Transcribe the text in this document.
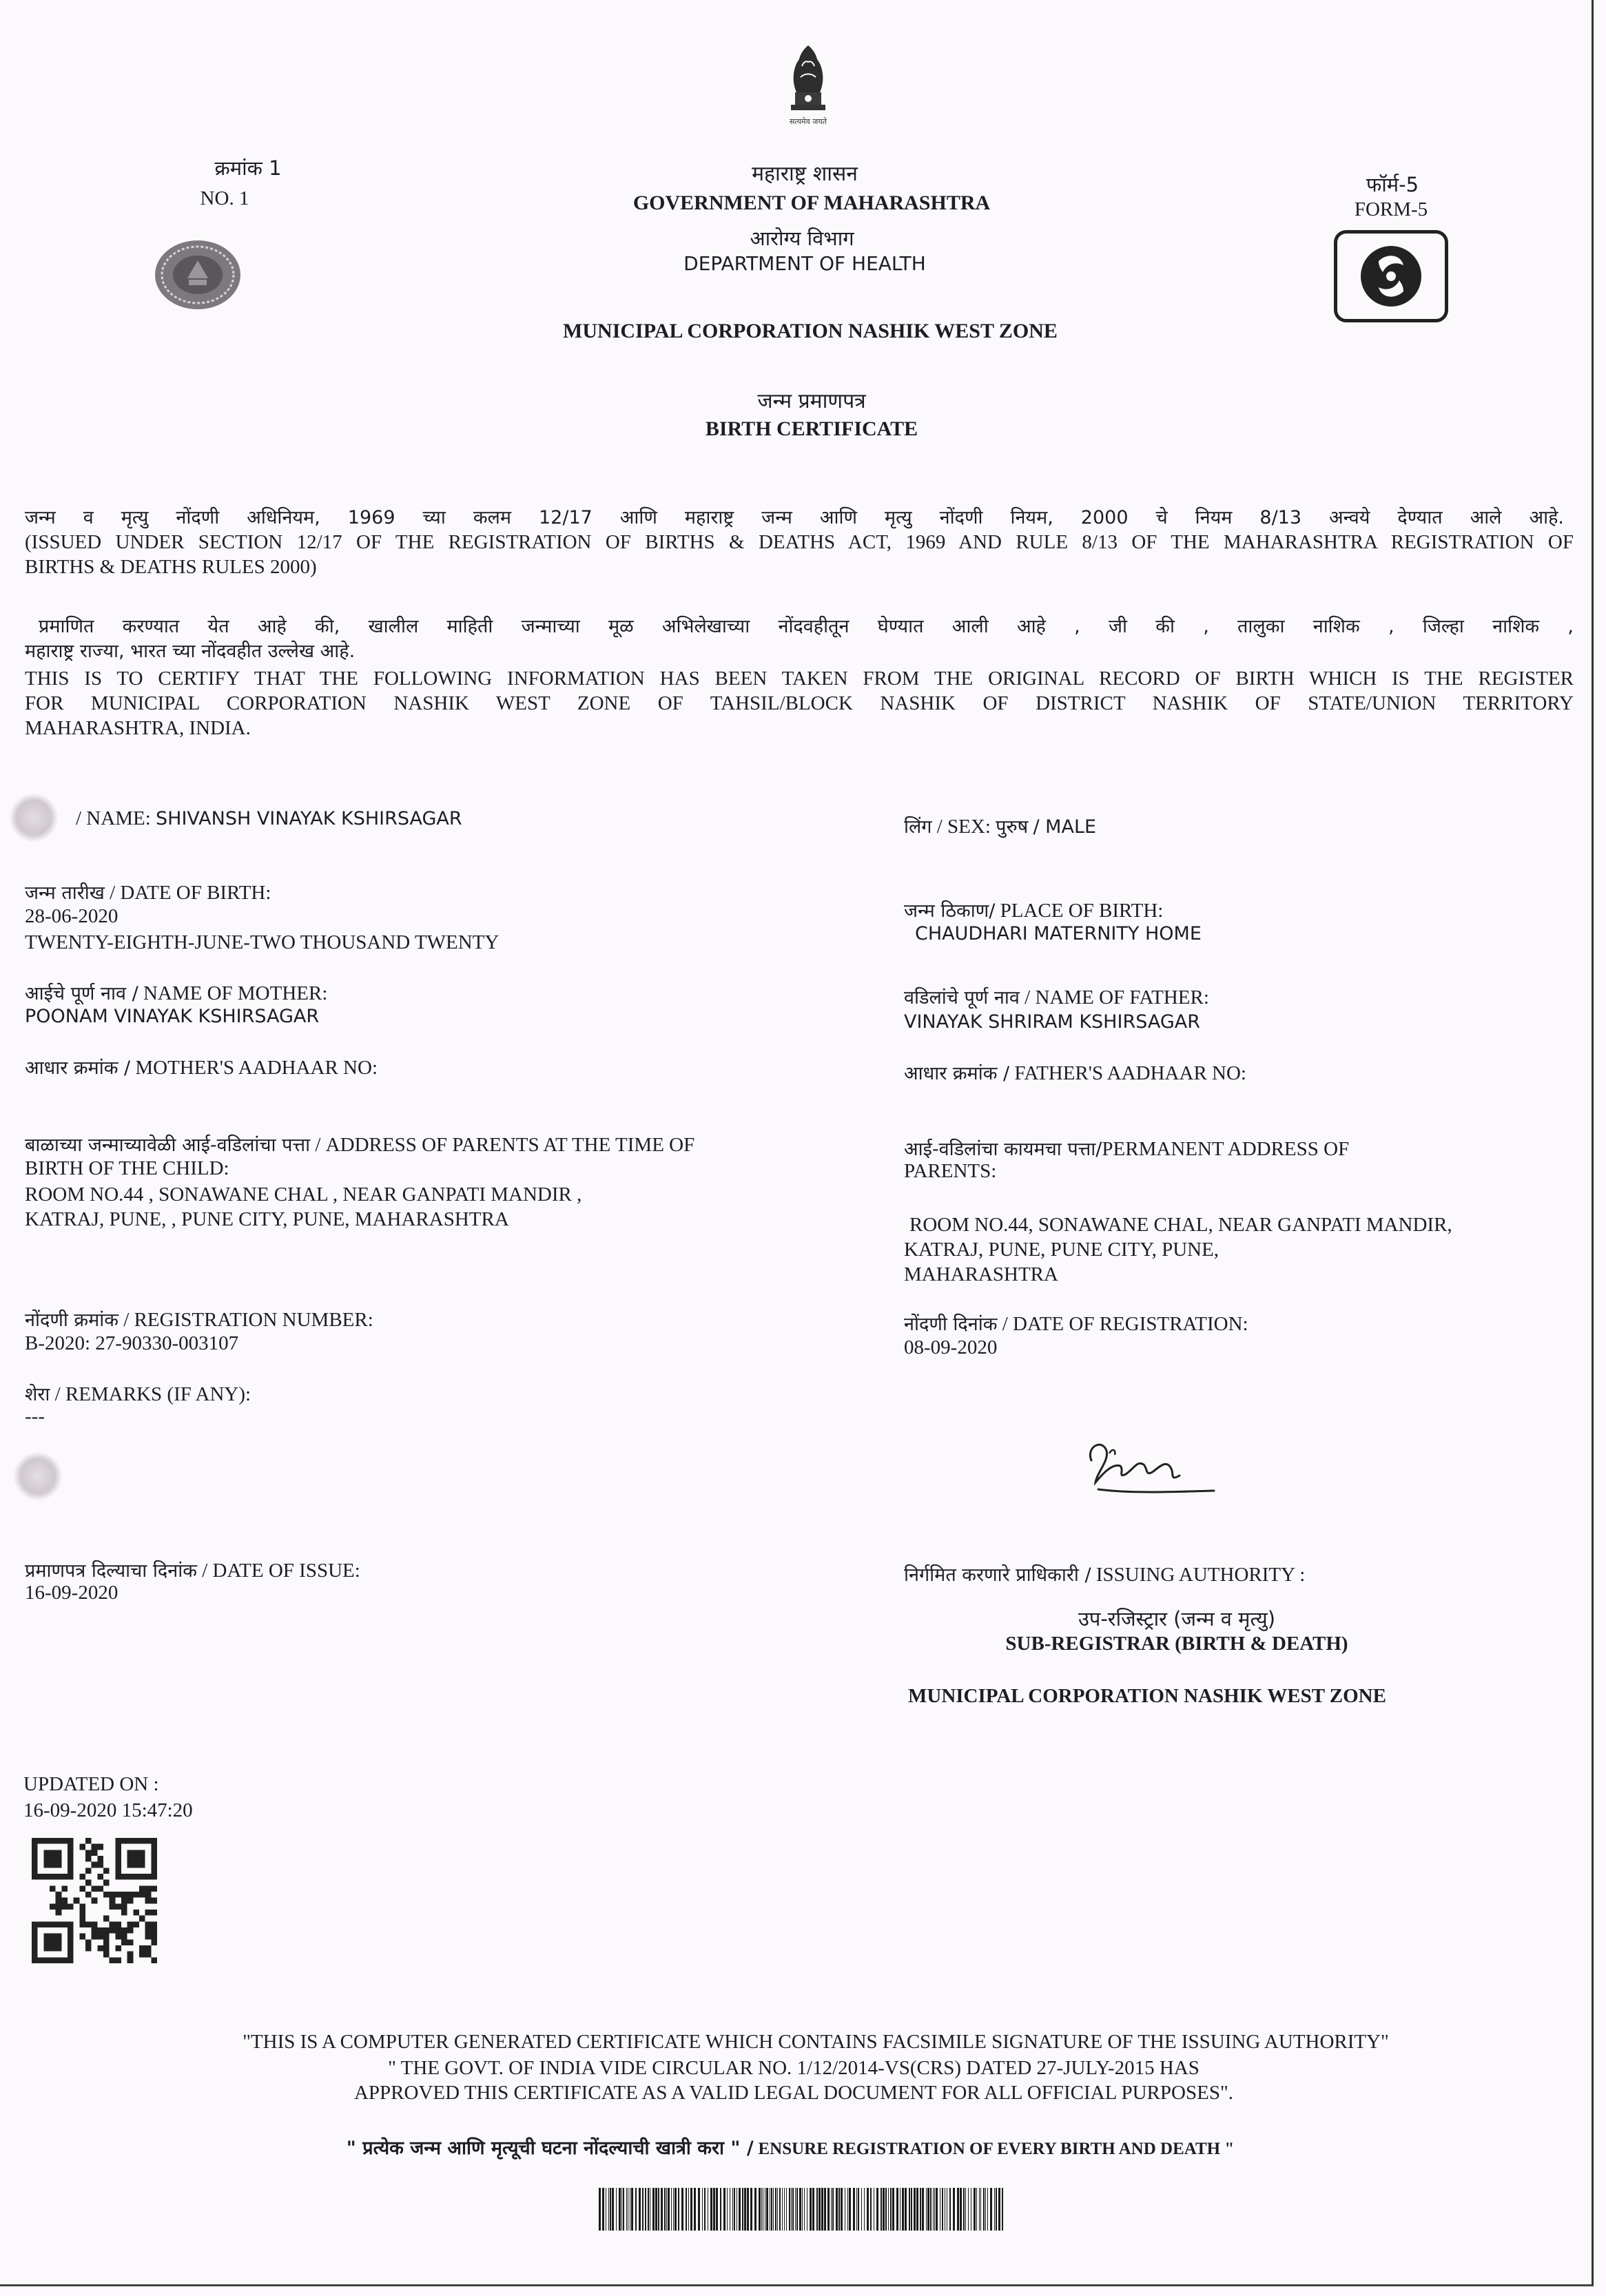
सत्यमेव जयते
क्रमांक 1
NO. 1
महाराष्ट्र शासन
GOVERNMENT OF MAHARASHTRA
आरोग्य विभाग
DEPARTMENT OF HEALTH
फॉर्म-5
FORM-5
MUNICIPAL CORPORATION NASHIK WEST ZONE
जन्म प्रमाणपत्र
BIRTH CERTIFICATE
जन्म व मृत्यु नोंदणी अधिनियम, 1969 च्या कलम 12/17 आणि महाराष्ट्र जन्म आणि मृत्यु नोंदणी नियम, 2000 चे नियम 8/13 अन्वये देण्यात आले आहे.
(ISSUED UNDER SECTION 12/17 OF THE REGISTRATION OF BIRTHS & DEATHS ACT, 1969 AND RULE 8/13 OF THE MAHARASHTRA REGISTRATION OF
BIRTHS & DEATHS RULES 2000)
प्रमाणित करण्यात येत आहे की, खालील माहिती जन्माच्या मूळ अभिलेखाच्या नोंदवहीतून घेण्यात आली आहे , जी की , तालुका नाशिक , जिल्हा नाशिक ,
महाराष्ट्र राज्या, भारत च्या नोंदवहीत उल्लेख आहे.
THIS IS TO CERTIFY THAT THE FOLLOWING INFORMATION HAS BEEN TAKEN FROM THE ORIGINAL RECORD OF BIRTH WHICH IS THE REGISTER
FOR MUNICIPAL CORPORATION NASHIK WEST ZONE OF TAHSIL/BLOCK NASHIK OF DISTRICT NASHIK OF STATE/UNION TERRITORY
MAHARASHTRA, INDIA.
/ NAME: SHIVANSH VINAYAK KSHIRSAGAR
जन्म तारीख / DATE OF BIRTH:
28-06-2020
TWENTY-EIGHTH-JUNE-TWO THOUSAND TWENTY
आईचे पूर्ण नाव / NAME OF MOTHER:
POONAM VINAYAK KSHIRSAGAR
आधार क्रमांक / MOTHER'S AADHAAR NO:
बाळाच्या जन्माच्यावेळी आई-वडिलांचा पत्ता / ADDRESS OF PARENTS AT THE TIME OF
BIRTH OF THE CHILD:
ROOM NO.44 , SONAWANE CHAL , NEAR GANPATI MANDIR ,
KATRAJ, PUNE, , PUNE CITY, PUNE, MAHARASHTRA
नोंदणी क्रमांक / REGISTRATION NUMBER:
B-2020: 27-90330-003107
शेरा / REMARKS (IF ANY):
---
प्रमाणपत्र दिल्याचा दिनांक / DATE OF ISSUE:
16-09-2020
लिंग / SEX: पुरुष / MALE
जन्म ठिकाण/ PLACE OF BIRTH:
CHAUDHARI MATERNITY HOME
वडिलांचे पूर्ण नाव / NAME OF FATHER:
VINAYAK SHRIRAM KSHIRSAGAR
आधार क्रमांक / FATHER'S AADHAAR NO:
आई-वडिलांचा कायमचा पत्ता/PERMANENT ADDRESS OF
PARENTS:
ROOM NO.44, SONAWANE CHAL, NEAR GANPATI MANDIR,
KATRAJ, PUNE, PUNE CITY, PUNE,
MAHARASHTRA
नोंदणी दिनांक / DATE OF REGISTRATION:
08-09-2020
निर्गमित करणारे प्राधिकारी / ISSUING AUTHORITY :
उप-रजिस्ट्रार (जन्म व मृत्यु)
SUB-REGISTRAR (BIRTH & DEATH)
MUNICIPAL CORPORATION NASHIK WEST ZONE
UPDATED ON :
16-09-2020 15:47:20
"THIS IS A COMPUTER GENERATED CERTIFICATE WHICH CONTAINS FACSIMILE SIGNATURE OF THE ISSUING AUTHORITY"
" THE GOVT. OF INDIA VIDE CIRCULAR NO. 1/12/2014-VS(CRS) DATED 27-JULY-2015 HAS
APPROVED THIS CERTIFICATE AS A VALID LEGAL DOCUMENT FOR ALL OFFICIAL PURPOSES".
" प्रत्येक जन्म आणि मृत्यूची घटना नोंदल्याची खात्री करा " / ENSURE REGISTRATION OF EVERY BIRTH AND DEATH "
